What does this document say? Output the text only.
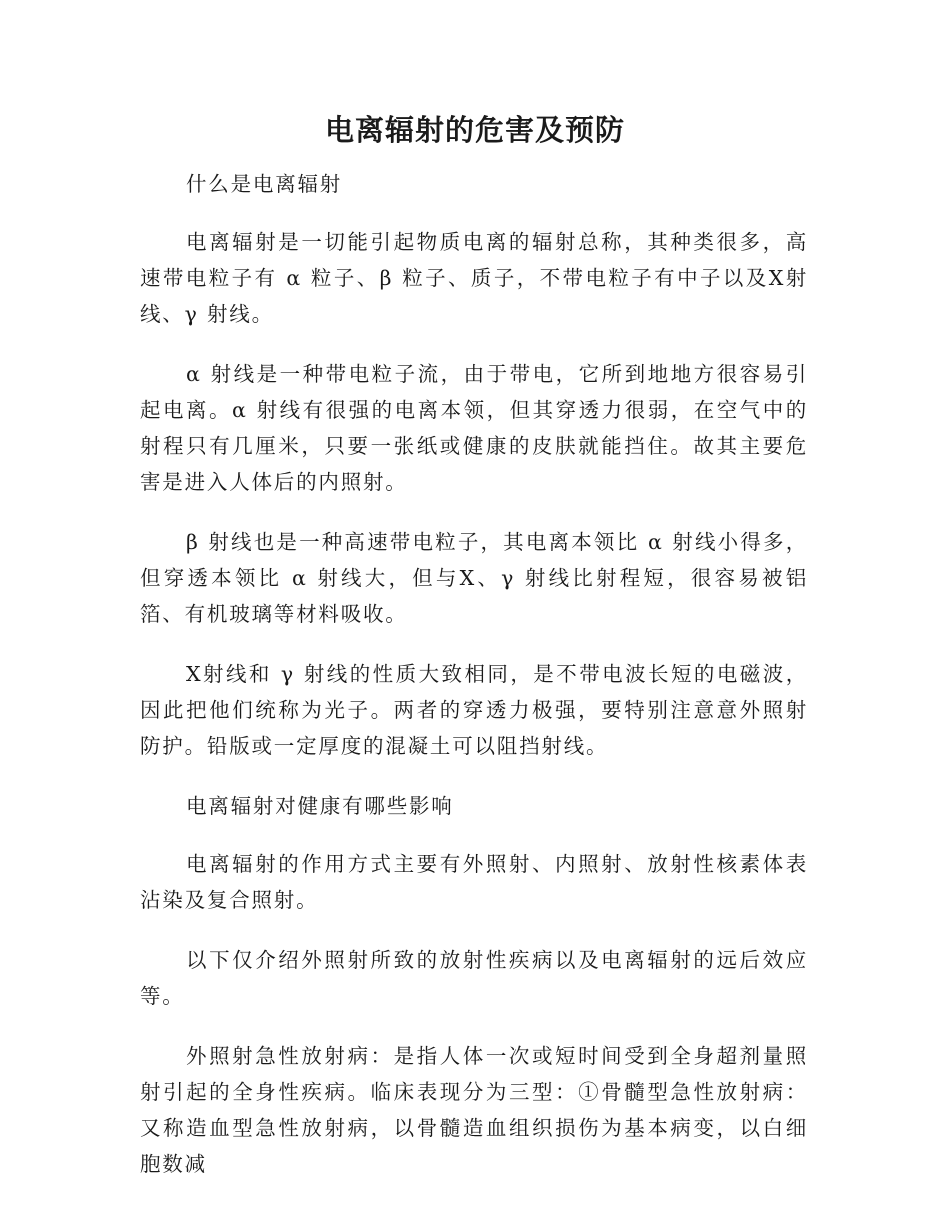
电离辐射的危害及预防

什么是电离辐射

电离辐射是一切能引起物质电离的辐射总称，其种类很多，高速带电粒子有 α 粒子、β 粒子、质子，不带电粒子有中子以及X射线、γ 射线。

α 射线是一种带电粒子流，由于带电，它所到地地方很容易引起电离。α 射线有很强的电离本领，但其穿透力很弱，在空气中的射程只有几厘米，只要一张纸或健康的皮肤就能挡住。故其主要危害是进入人体后的内照射。

β 射线也是一种高速带电粒子，其电离本领比 α 射线小得多，但穿透本领比 α 射线大，但与X、γ 射线比射程短，很容易被铝箔、有机玻璃等材料吸收。

X射线和 γ 射线的性质大致相同，是不带电波长短的电磁波，因此把他们统称为光子。两者的穿透力极强，要特别注意意外照射防护。铅版或一定厚度的混凝土可以阻挡射线。

电离辐射对健康有哪些影响

电离辐射的作用方式主要有外照射、内照射、放射性核素体表沾染及复合照射。

以下仅介绍外照射所致的放射性疾病以及电离辐射的远后效应等。

外照射急性放射病：是指人体一次或短时间受到全身超剂量照射引起的全身性疾病。临床表现分为三型：①骨髓型急性放射病：又称造血型急性放射病，以骨髓造血组织损伤为基本病变，以白细胞数减
